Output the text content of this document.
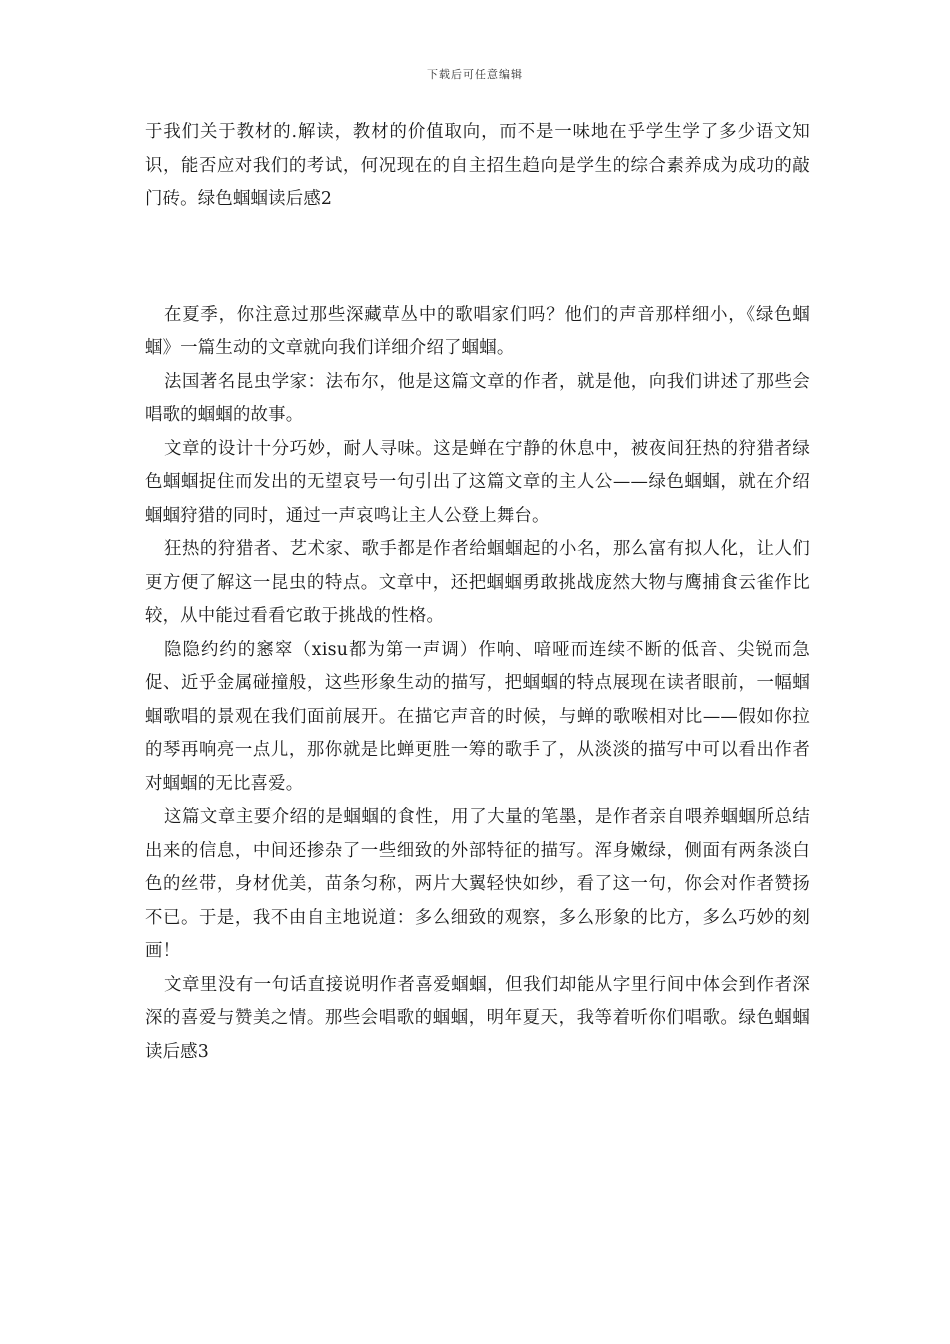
下载后可任意编辑

于我们关于教材的.解读，教材的价值取向，而不是一味地在乎学生学了多少语文知识，能否应对我们的考试，何况现在的自主招生趋向是学生的综合素养成为成功的敲门砖。绿色蝈蝈读后感2

在夏季，你注意过那些深藏草丛中的歌唱家们吗？他们的声音那样细小，《绿色蝈蝈》一篇生动的文章就向我们详细介绍了蝈蝈。

法国著名昆虫学家：法布尔，他是这篇文章的作者，就是他，向我们讲述了那些会唱歌的蝈蝈的故事。

文章的设计十分巧妙，耐人寻味。这是蝉在宁静的休息中，被夜间狂热的狩猎者绿色蝈蝈捉住而发出的无望哀号一句引出了这篇文章的主人公——绿色蝈蝈，就在介绍蝈蝈狩猎的同时，通过一声哀鸣让主人公登上舞台。

狂热的狩猎者、艺术家、歌手都是作者给蝈蝈起的小名，那么富有拟人化，让人们更方便了解这一昆虫的特点。文章中，还把蝈蝈勇敢挑战庞然大物与鹰捕食云雀作比较，从中能过看看它敢于挑战的性格。

隐隐约约的窸窣（xisu都为第一声调）作响、喑哑而连续不断的低音、尖锐而急促、近乎金属碰撞般，这些形象生动的描写，把蝈蝈的特点展现在读者眼前，一幅蝈蝈歌唱的景观在我们面前展开。在描它声音的时候，与蝉的歌喉相对比——假如你拉的琴再响亮一点儿，那你就是比蝉更胜一筹的歌手了，从淡淡的描写中可以看出作者对蝈蝈的无比喜爱。

这篇文章主要介绍的是蝈蝈的食性，用了大量的笔墨，是作者亲自喂养蝈蝈所总结出来的信息，中间还掺杂了一些细致的外部特征的描写。浑身嫩绿，侧面有两条淡白色的丝带，身材优美，苗条匀称，两片大翼轻快如纱，看了这一句，你会对作者赞扬不已。于是，我不由自主地说道：多么细致的观察，多么形象的比方，多么巧妙的刻画！

文章里没有一句话直接说明作者喜爱蝈蝈，但我们却能从字里行间中体会到作者深深的喜爱与赞美之情。那些会唱歌的蝈蝈，明年夏天，我等着听你们唱歌。绿色蝈蝈读后感3
